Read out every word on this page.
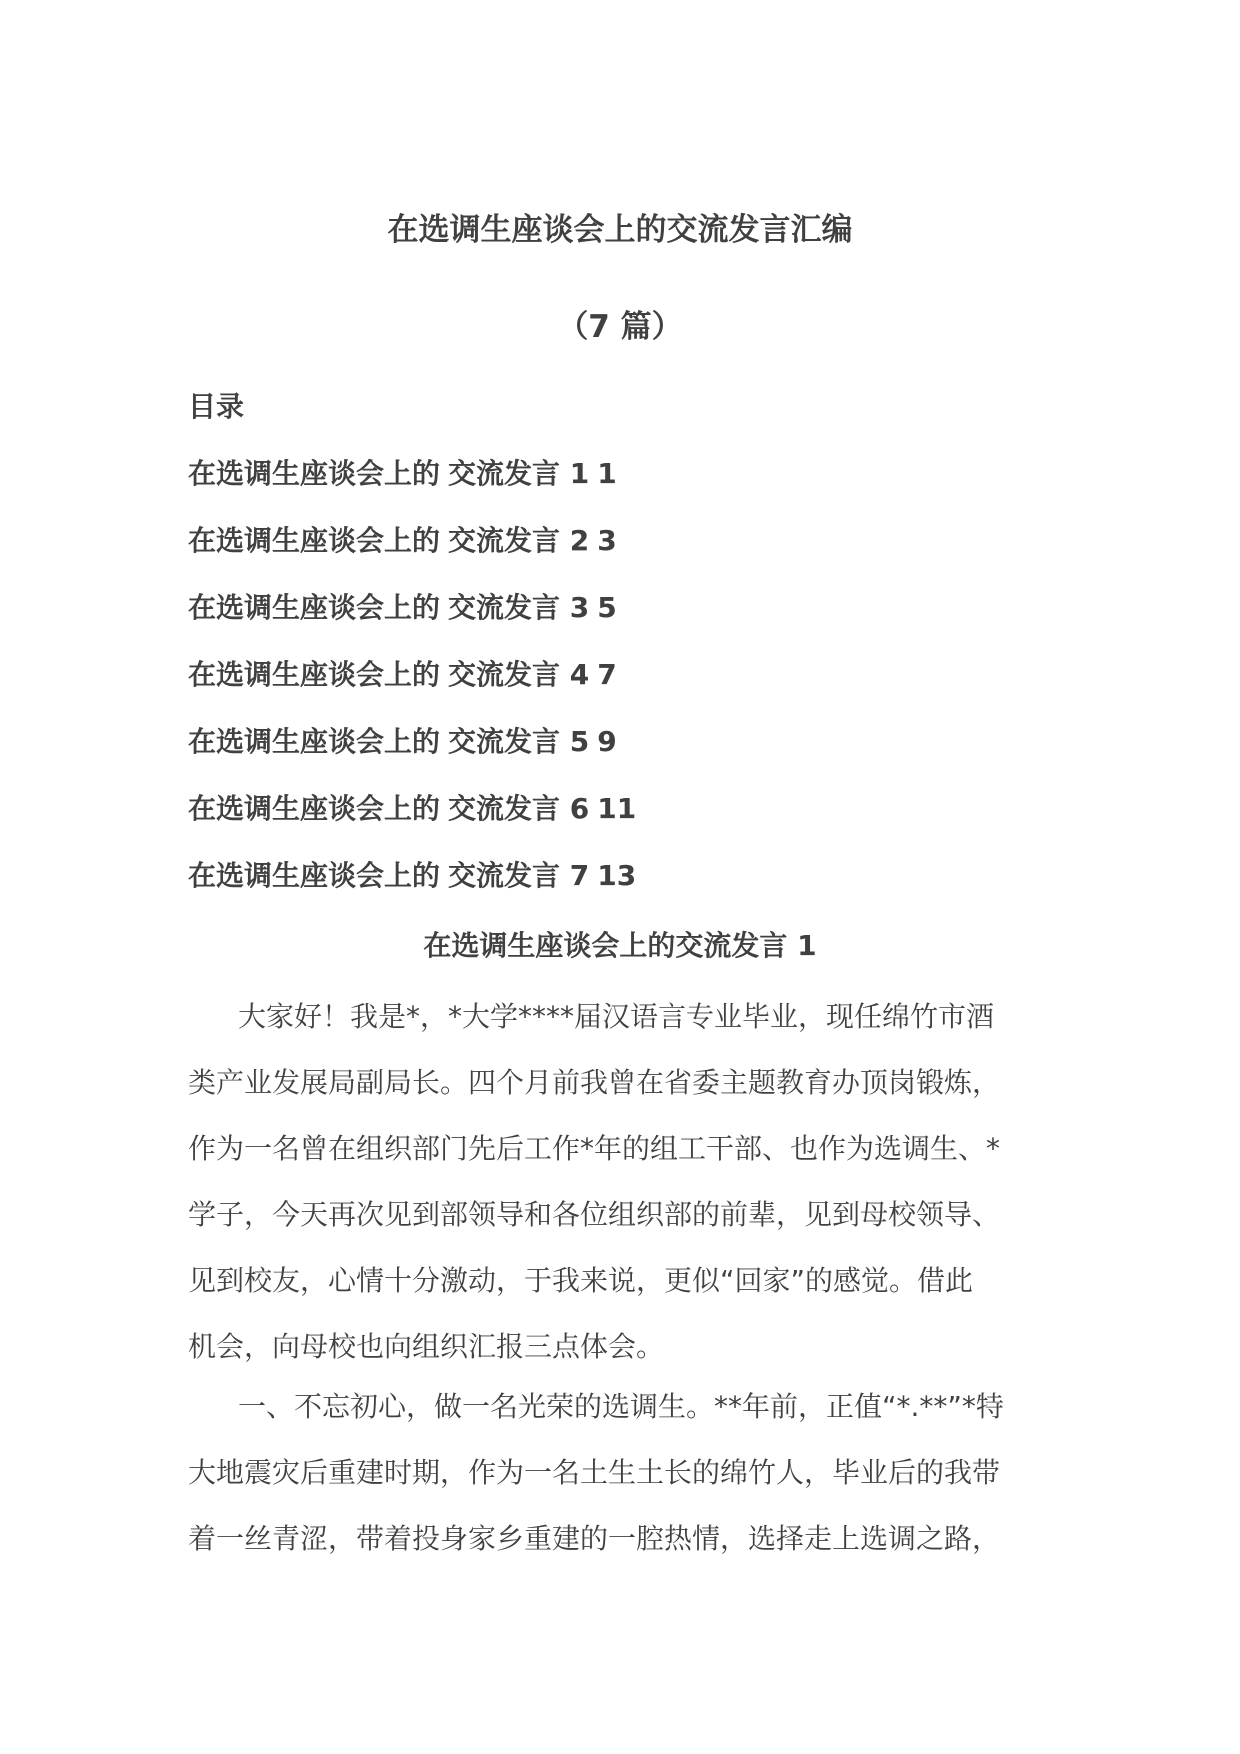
在选调生座谈会上的交流发言汇编
（7 篇）
目录
在选调生座谈会上的 交流发言 1 1
在选调生座谈会上的 交流发言 2 3
在选调生座谈会上的 交流发言 3 5
在选调生座谈会上的 交流发言 4 7
在选调生座谈会上的 交流发言 5 9
在选调生座谈会上的 交流发言 6 11
在选调生座谈会上的 交流发言 7 13
在选调生座谈会上的交流发言 1

大家好！我是*，*大学****届汉语言专业毕业，现任绵竹市酒
类产业发展局副局长。四个月前我曾在省委主题教育办顶岗锻炼，
作为一名曾在组织部门先后工作*年的组工干部、也作为选调生、*
学子，今天再次见到部领导和各位组织部的前辈，见到母校领导、
见到校友，心情十分激动，于我来说，更似“回家”的感觉。借此
机会，向母校也向组织汇报三点体会。

一、不忘初心，做一名光荣的选调生。**年前，正值“*.**”*特
大地震灾后重建时期，作为一名土生土长的绵竹人，毕业后的我带
着一丝青涩，带着投身家乡重建的一腔热情，选择走上选调之路，
